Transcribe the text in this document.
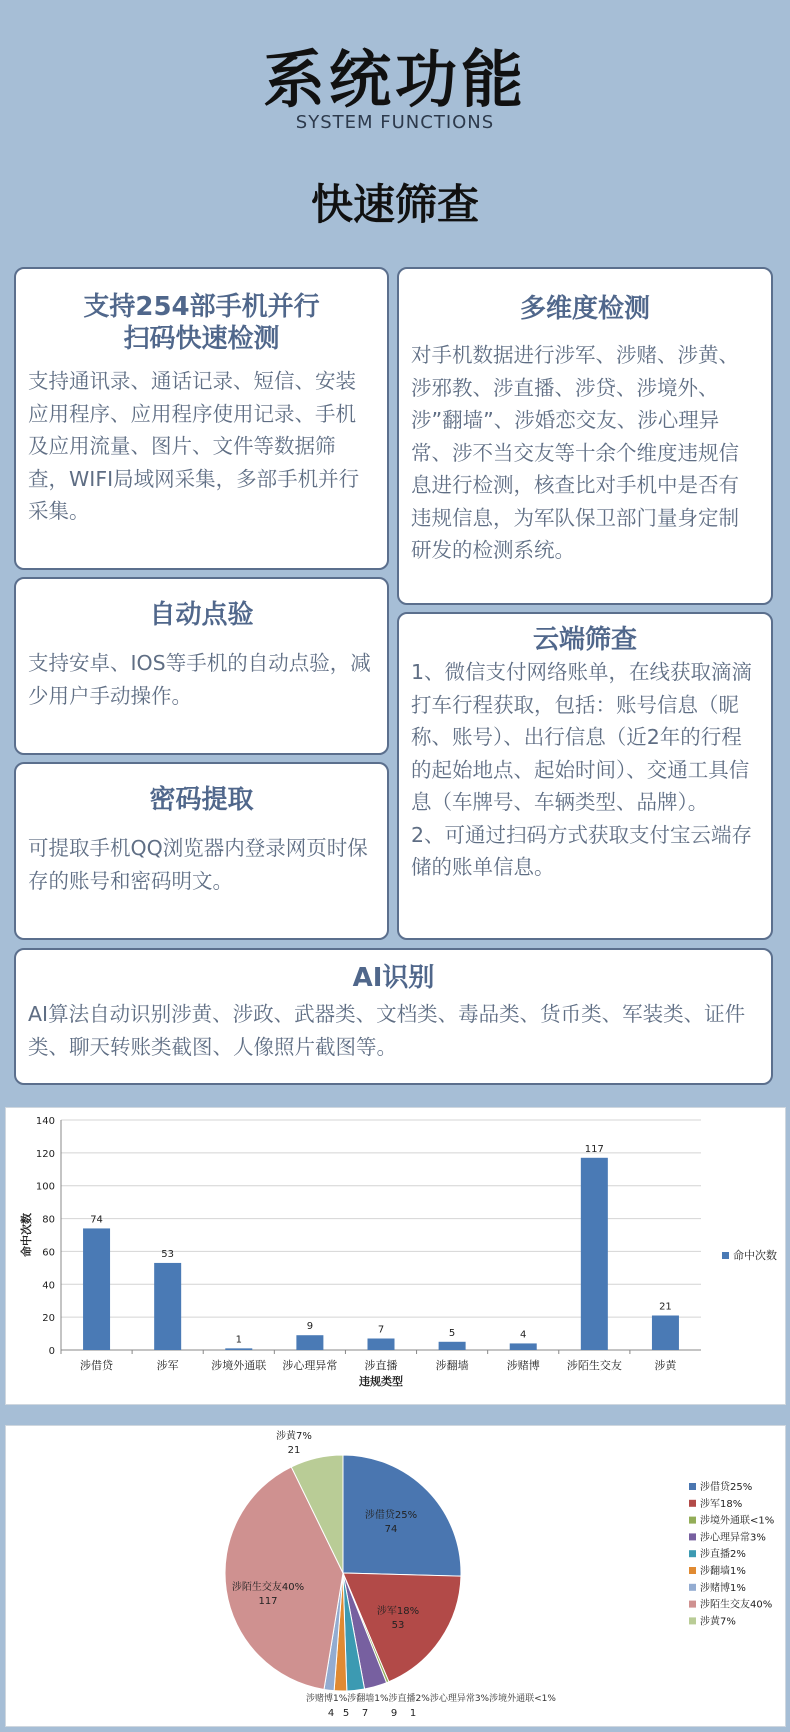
系统功能
SYSTEM FUNCTIONS
快速筛查
支持254部手机并行
扫码快速检测

支持通讯录、通话记录、短信、安装应用程序、应用程序使用记录、手机及应用流量、图片、文件等数据筛查，WIFI局域网采集，多部手机并行采集。

多维度检测

对手机数据进行涉军、涉赌、涉黄、涉邪教、涉直播、涉贷、涉境外、涉”翻墙”、涉婚恋交友、涉心理异常、涉不当交友等十余个维度违规信息进行检测，核查比对手机中是否有违规信息，为军队保卫部门量身定制研发的检测系统。

自动点验

支持安卓、IOS等手机的自动点验，减少用户手动操作。

云端筛查

1、微信支付网络账单，在线获取滴滴打车行程获取，包括：账号信息（昵称、账号）、出行信息（近2年的行程的起始地点、起始时间）、交通工具信息（车牌号、车辆类型、品牌）。

2、可通过扫码方式获取支付宝云端存储的账单信息。

密码提取

可提取手机QQ浏览器内登录网页时保存的账号和密码明文。

AI识别

AI算法自动识别涉黄、涉政、武器类、文档类、毒品类、货币类、军装类、证件类、聊天转账类截图、人像照片截图等。

0
20
40
60
80
100
120
140
74
涉借贷
53
涉军
1
涉境外通联
9
涉心理异常
7
涉直播
5
涉翻墙
4
涉赌博
117
涉陌生交友
21
涉黄
违规类型
命中次数	命中次数
涉借贷25%
74
涉军18%
53
涉陌生交友40%
117
涉黄7%
21
涉赌博1%涉翻墙1%涉直播2%涉心理异常3%涉境外通联<1%
4 5 7 9 1
涉借贷25%
涉军18%
涉境外通联<1%
涉心理异常3%
涉直播2%
涉翻墙1%
涉赌博1%
涉陌生交友40%
涉黄7%
